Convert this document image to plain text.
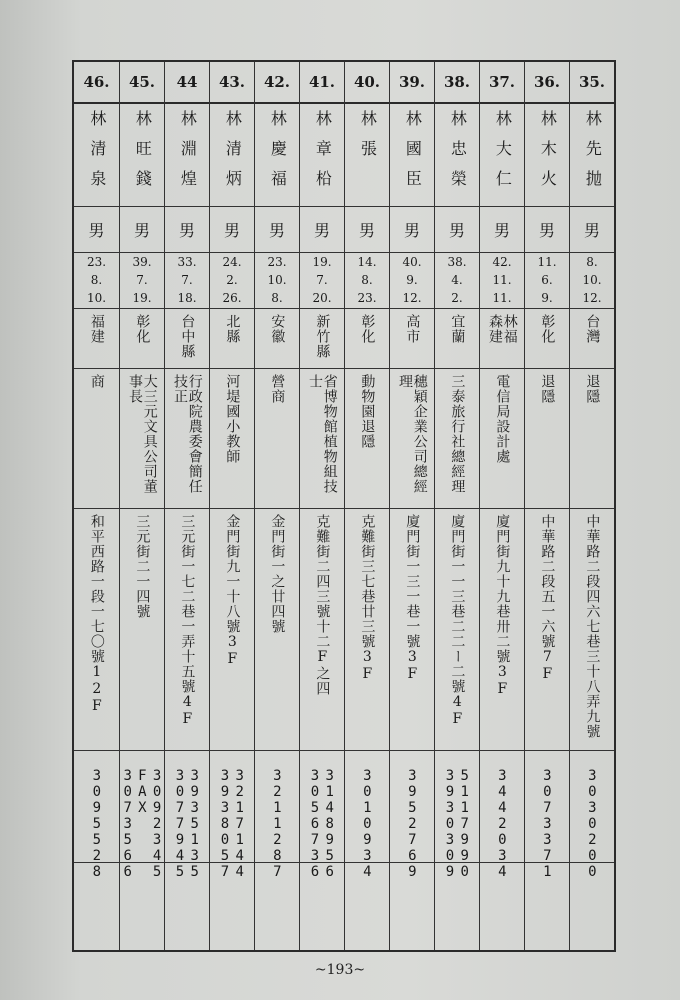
35.
林先抛
男
8.
10.
12.
台灣
退隱
中華路二段四六七巷三十八弄九號
3030200
36.
林木火
男
11.
6.
9.
彰化
退隱
中華路二段五一六號7F
3073371
37.
林大仁
男
42.
11.
11.
林福 森建
電信局設計處
廈門街九十九巷卅二號3F
3442034
38.
林忠榮
男
38.
4.
2.
宜蘭
三泰旅行社總經理
廈門街一一三巷二二ー二號4F
5117990 3930309
39.
林國臣
男
40.
9.
12.
高市
穗穎企業公司總經理
廈門街一三一巷一號3F
3952769
40.
林張
男
14.
8.
23.
彰化
動物園退隱
克難街三七巷廿三號3F
3010934
41.
林章柗
男
19.
7.
20.
新竹縣
省博物館植物組技士
克難街二四三號十二F之四
3148956 3056736
42.
林慶福
男
23.
10.
8.
安徽
營商
金門街一之廿四號
3211287
43.
林清炳
男
24.
2.
26.
北縣
河堤國小教師
金門街九一十八號3F
3217144 3938057
44
林淵煌
男
33.
7.
18.
台中縣
行政院農委會簡任技正
三元街一七二巷一弄十五號4F
3935135 3077945
45.
林旺錢
男
39.
7.
19.
彰化
大三元文具公司董事長
三元街二一四號
3092345 FAX 3073566
46.
林清泉
男
23.
8.
10.
福建
商
和平西路一段一七〇號12F
3095528
~193~
